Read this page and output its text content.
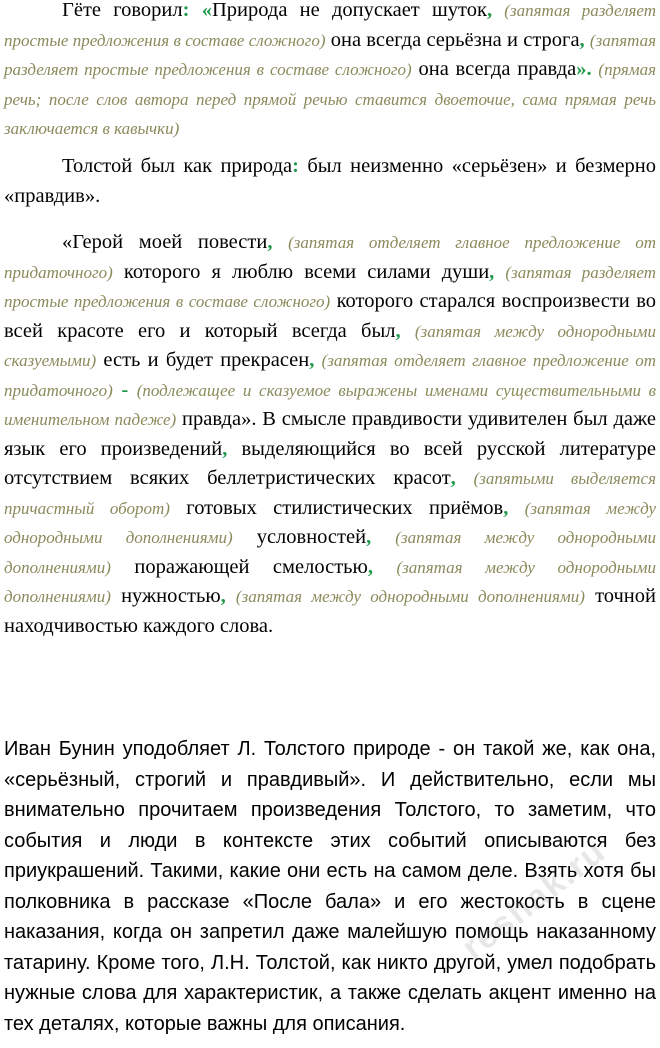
Гёте говорил: «Природа не допускает шуток, (запятая разделяет простые предложения в составе сложного) она всегда серьёзна и строга, (запятая разделяет простые предложения в составе сложного) она всегда правда». (прямая речь; после слов автора перед прямой речью ставится двоеточие, сама прямая речь заключается в кавычки)

Толстой был как природа: был неизменно «серьёзен» и безмерно «правдив».

«Герой моей повести, (запятая отделяет главное предложение от придаточного) которого я люблю всеми силами души, (запятая разделяет простые предложения в составе сложного) которого старался воспроизвести во всей красоте его и который всегда был, (запятая между однородными сказуемыми) есть и будет прекрасен, (запятая отделяет главное предложение от придаточного) - (подлежащее и сказуемое выражены именами существительными в именительном падеже) правда». В смысле правдивости удивителен был даже язык его произведений, выделяющийся во всей русской литературе отсутствием всяких беллетристических красот, (запятыми выделяется причастный оборот) готовых стилистических приёмов, (запятая между однородными дополнениями) условностей, (запятая между однородными дополнениями) поражающей смелостью, (запятая между однородными дополнениями) нужностью, (запятая между однородными дополнениями) точной находчивостью каждого слова.

Иван Бунин уподобляет Л. Толстого природе - он такой же, как она, «серьёзный, строгий и правдивый». И действительно, если мы внимательно прочитаем произведения Толстого, то заметим, что события и люди в контексте этих событий описываются без приукрашений. Такими, какие они есть на самом деле. Взять хотя бы полковника в рассказе «После бала» и его жестокость в сцене наказания, когда он запретил даже малейшую помощь наказанному татарину. Кроме того, Л.Н. Толстой, как никто другой, умел подобрать нужные слова для характеристик, а также сделать акцент именно на тех деталях, которые важны для описания.

reshak.ru
